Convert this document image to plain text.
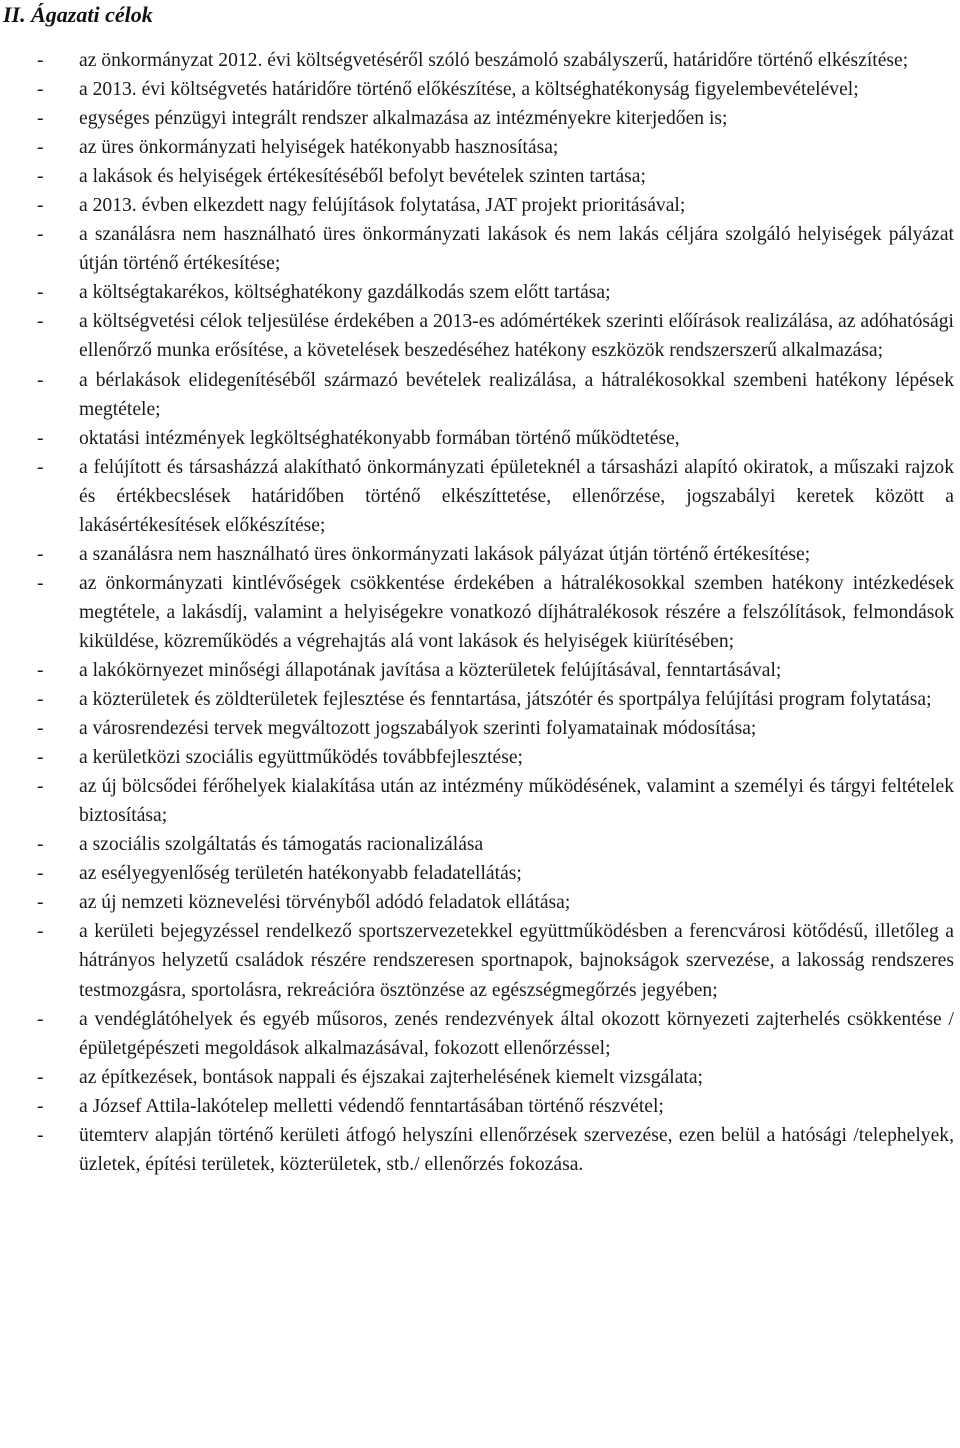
II. Ágazati célok
- az önkormányzat 2012. évi költségvetéséről szóló beszámoló szabályszerű, határidőre történő elkészítése;
- a 2013. évi költségvetés határidőre történő előkészítése, a költséghatékonyság figyelembevételével;
- egységes pénzügyi integrált rendszer alkalmazása az intézményekre kiterjedően is;
- az üres önkormányzati helyiségek hatékonyabb hasznosítása;
- a lakások és helyiségek értékesítéséből befolyt bevételek szinten tartása;
- a 2013. évben elkezdett nagy felújítások folytatása, JAT projekt prioritásával;
- a szanálásra nem használható üres önkormányzati lakások és nem lakás céljára szolgáló helyiségek pályázat útján történő értékesítése;
- a költségtakarékos, költséghatékony gazdálkodás szem előtt tartása;
- a költségvetési célok teljesülése érdekében a 2013-es adómértékek szerinti előírások realizálása, az adóhatósági ellenőrző munka erősítése, a követelések beszedéséhez hatékony eszközök rendszerszerű alkalmazása;
- a bérlakások elidegenítéséből származó bevételek realizálása, a hátralékosokkal szembeni hatékony lépések megtétele;
- oktatási intézmények legköltséghatékonyabb formában történő működtetése,
- a felújított és társasházzá alakítható önkormányzati épületeknél a társasházi alapító okiratok, a műszaki rajzok és értékbecslések határidőben történő elkészíttetése, ellenőrzése, jogszabályi keretek között a lakásértékesítések előkészítése;
- a szanálásra nem használható üres önkormányzati lakások pályázat útján történő értékesítése;
- az önkormányzati kintlévőségek csökkentése érdekében a hátralékosokkal szemben hatékony intézkedések megtétele, a lakásdíj, valamint a helyiségekre vonatkozó díjhátralékosok részére a felszólítások, felmondások kiküldése, közreműködés a végrehajtás alá vont lakások és helyiségek kiürítésében;
- a lakókörnyezet minőségi állapotának javítása a közterületek felújításával, fenntartásával;
- a közterületek és zöldterületek fejlesztése és fenntartása, játszótér és sportpálya felújítási program folytatása;
- a városrendezési tervek megváltozott jogszabályok szerinti folyamatainak módosítása;
- a kerületközi szociális együttműködés továbbfejlesztése;
- az új bölcsődei férőhelyek kialakítása után az intézmény működésének, valamint a személyi és tárgyi feltételek biztosítása;
- a szociális szolgáltatás és támogatás racionalizálása
- az esélyegyenlőség területén hatékonyabb feladatellátás;
- az új nemzeti köznevelési törvényből adódó feladatok ellátása;
- a kerületi bejegyzéssel rendelkező sportszervezetekkel együttműködésben a ferencvárosi kötődésű, illetőleg a hátrányos helyzetű családok részére rendszeresen sportnapok, bajnokságok szervezése, a lakosság rendszeres testmozgásra, sportolásra, rekreációra ösztönzése az egészségmegőrzés jegyében;
- a vendéglátóhelyek és egyéb műsoros, zenés rendezvények által okozott környezeti zajterhelés csökkentése /épületgépészeti megoldások alkalmazásával, fokozott ellenőrzéssel;
- az építkezések, bontások nappali és éjszakai zajterhelésének kiemelt vizsgálata;
- a József Attila-lakótelep melletti védendő fenntartásában történő részvétel;
- ütemterv alapján történő kerületi átfogó helyszíni ellenőrzések szervezése, ezen belül a hatósági /telephelyek, üzletek, építési területek, közterületek, stb./ ellenőrzés fokozása.
